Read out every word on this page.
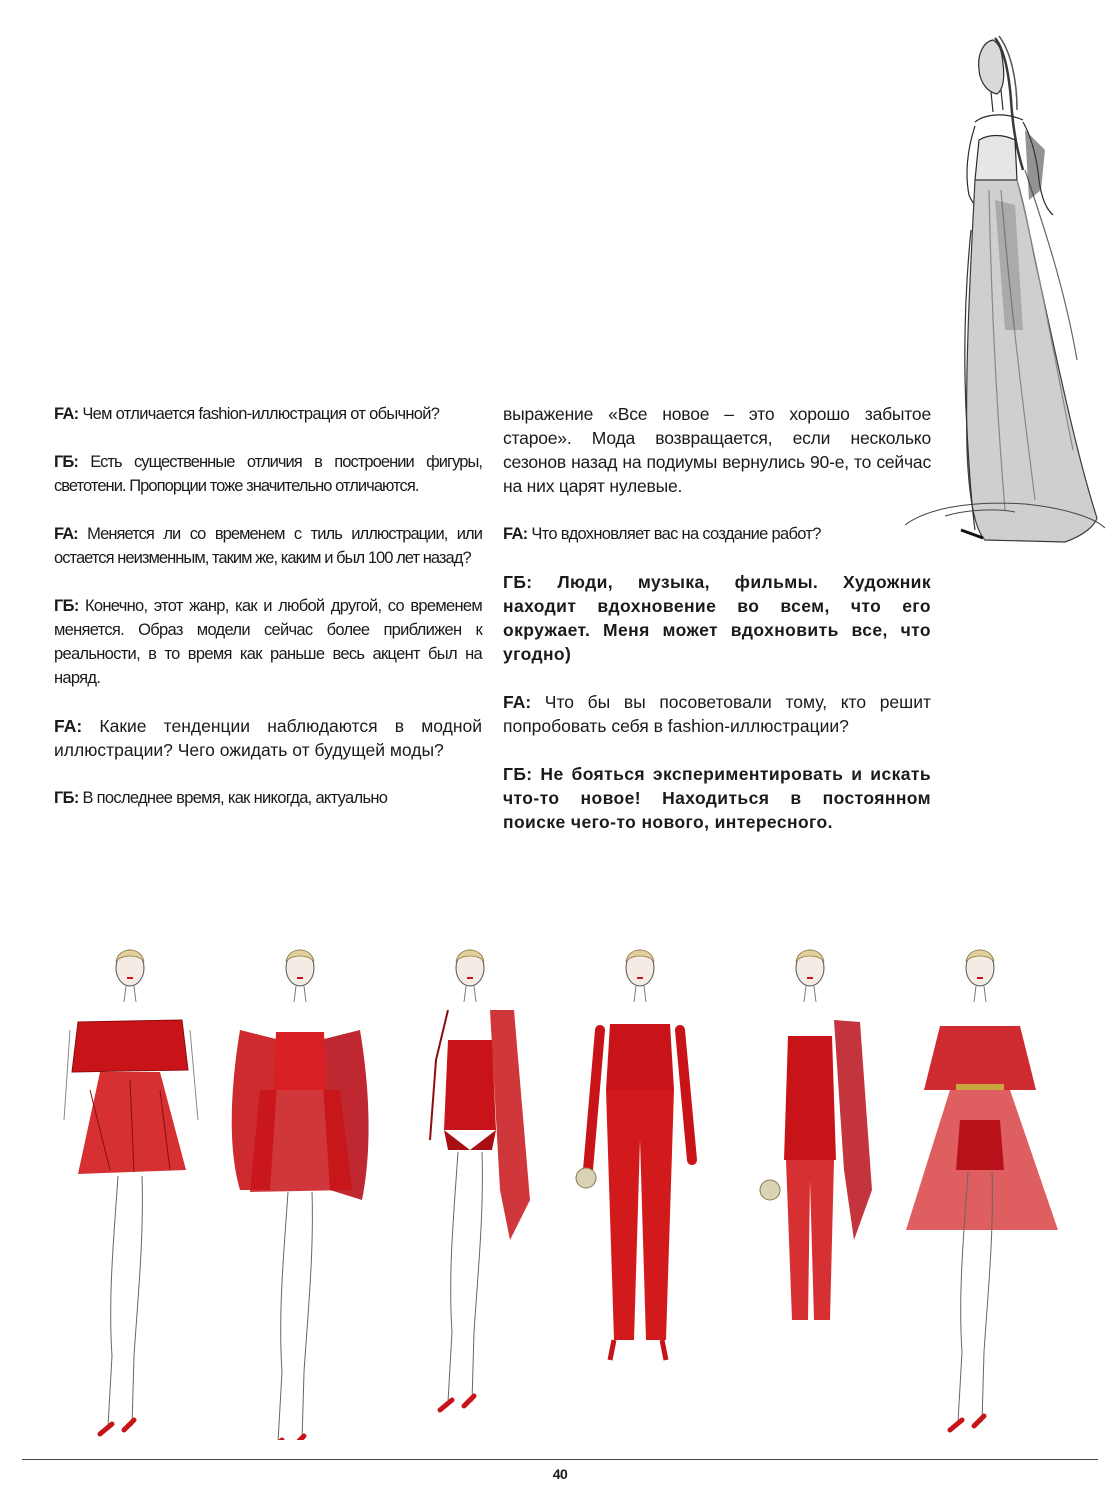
FA: Чем отличается fashion-иллюстрация от обычной?

ГБ: Есть существенные отличия в построении фигуры, светотени. Пропорции тоже значительно отличаются.

FA: Меняется ли со временем с тиль иллюстрации, или остается неизменным, таким же, каким и был 100 лет назад?

ГБ: Конечно, этот жанр, как и любой другой, со временем меняется. Образ модели сейчас более приближен к реальности, в то время как раньше весь акцент был на наряд.

FA: Какие тенденции наблюдаются в модной иллюстрации? Чего ожидать от будущей моды?

ГБ: В последнее время, как никогда, актуально

выражение «Все новое – это хорошо забытое старое». Мода возвращается, если несколько сезонов назад на подиумы вернулись 90-е, то сейчас на них царят нулевые.

FA: Что вдохновляет вас на создание работ?

ГБ: Люди, музыка, фильмы. Художник находит вдохновение во всем, что его окружает. Меня может вдохновить все, что угодно)

FA: Что бы вы посоветовали тому, кто решит попробовать себя в fashion-иллюстрации?

ГБ: Не бояться экспериментировать и искать что-то новое! Находиться в постоянном поиске чего-то нового, интересного.

40
